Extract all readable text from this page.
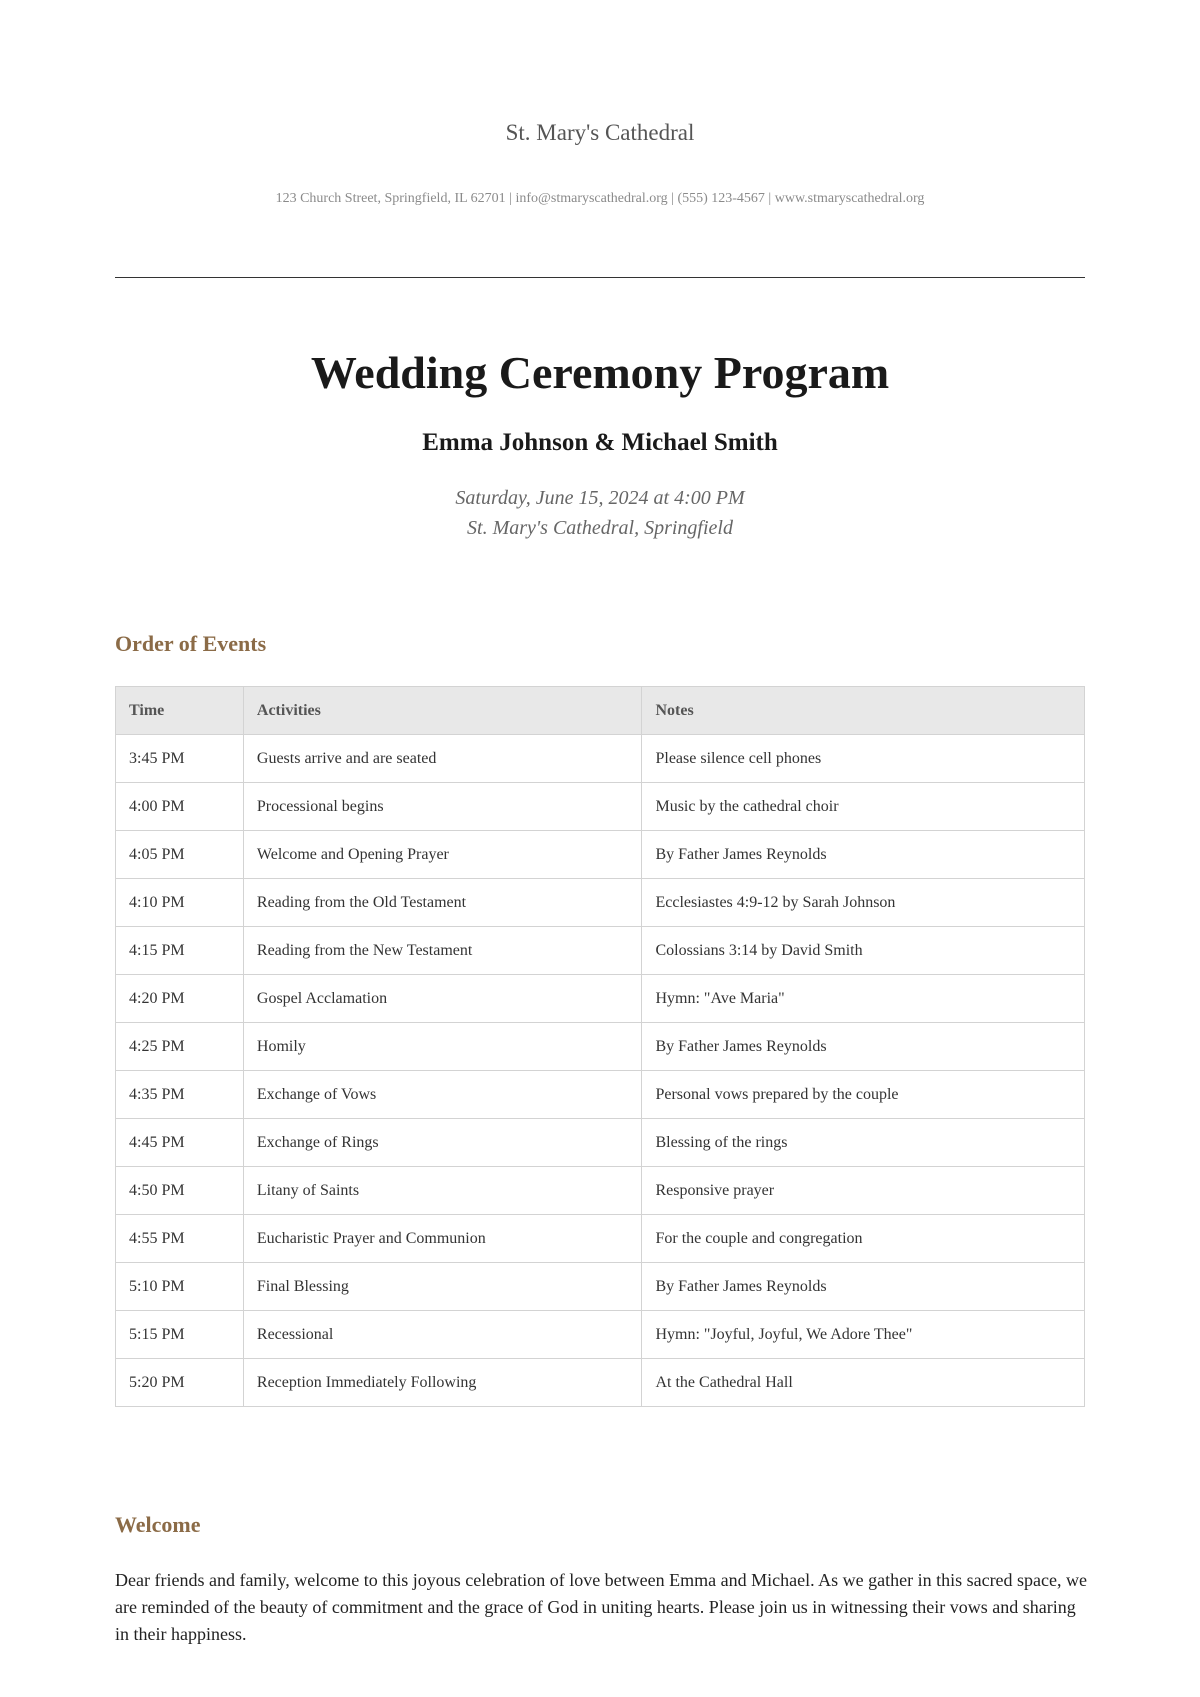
St. Mary's Cathedral
123 Church Street, Springfield, IL 62701 | info@stmaryscathedral.org | (555) 123-4567 | www.stmaryscathedral.org
Wedding Ceremony Program
Emma Johnson & Michael Smith
Saturday, June 15, 2024 at 4:00 PM
St. Mary's Cathedral, Springfield
Order of Events
Time	Activities	Notes
3:45 PM	Guests arrive and are seated	Please silence cell phones
4:00 PM	Processional begins	Music by the cathedral choir
4:05 PM	Welcome and Opening Prayer	By Father James Reynolds
4:10 PM	Reading from the Old Testament	Ecclesiastes 4:9-12 by Sarah Johnson
4:15 PM	Reading from the New Testament	Colossians 3:14 by David Smith
4:20 PM	Gospel Acclamation	Hymn: "Ave Maria"
4:25 PM	Homily	By Father James Reynolds
4:35 PM	Exchange of Vows	Personal vows prepared by the couple
4:45 PM	Exchange of Rings	Blessing of the rings
4:50 PM	Litany of Saints	Responsive prayer
4:55 PM	Eucharistic Prayer and Communion	For the couple and congregation
5:10 PM	Final Blessing	By Father James Reynolds
5:15 PM	Recessional	Hymn: "Joyful, Joyful, We Adore Thee"
5:20 PM	Reception Immediately Following	At the Cathedral Hall
Welcome

Dear friends and family, welcome to this joyous celebration of love between Emma and Michael. As we gather in this sacred space, we are reminded of the beauty of commitment and the grace of God in uniting hearts. Please join us in witnessing their vows and sharing in their happiness.
